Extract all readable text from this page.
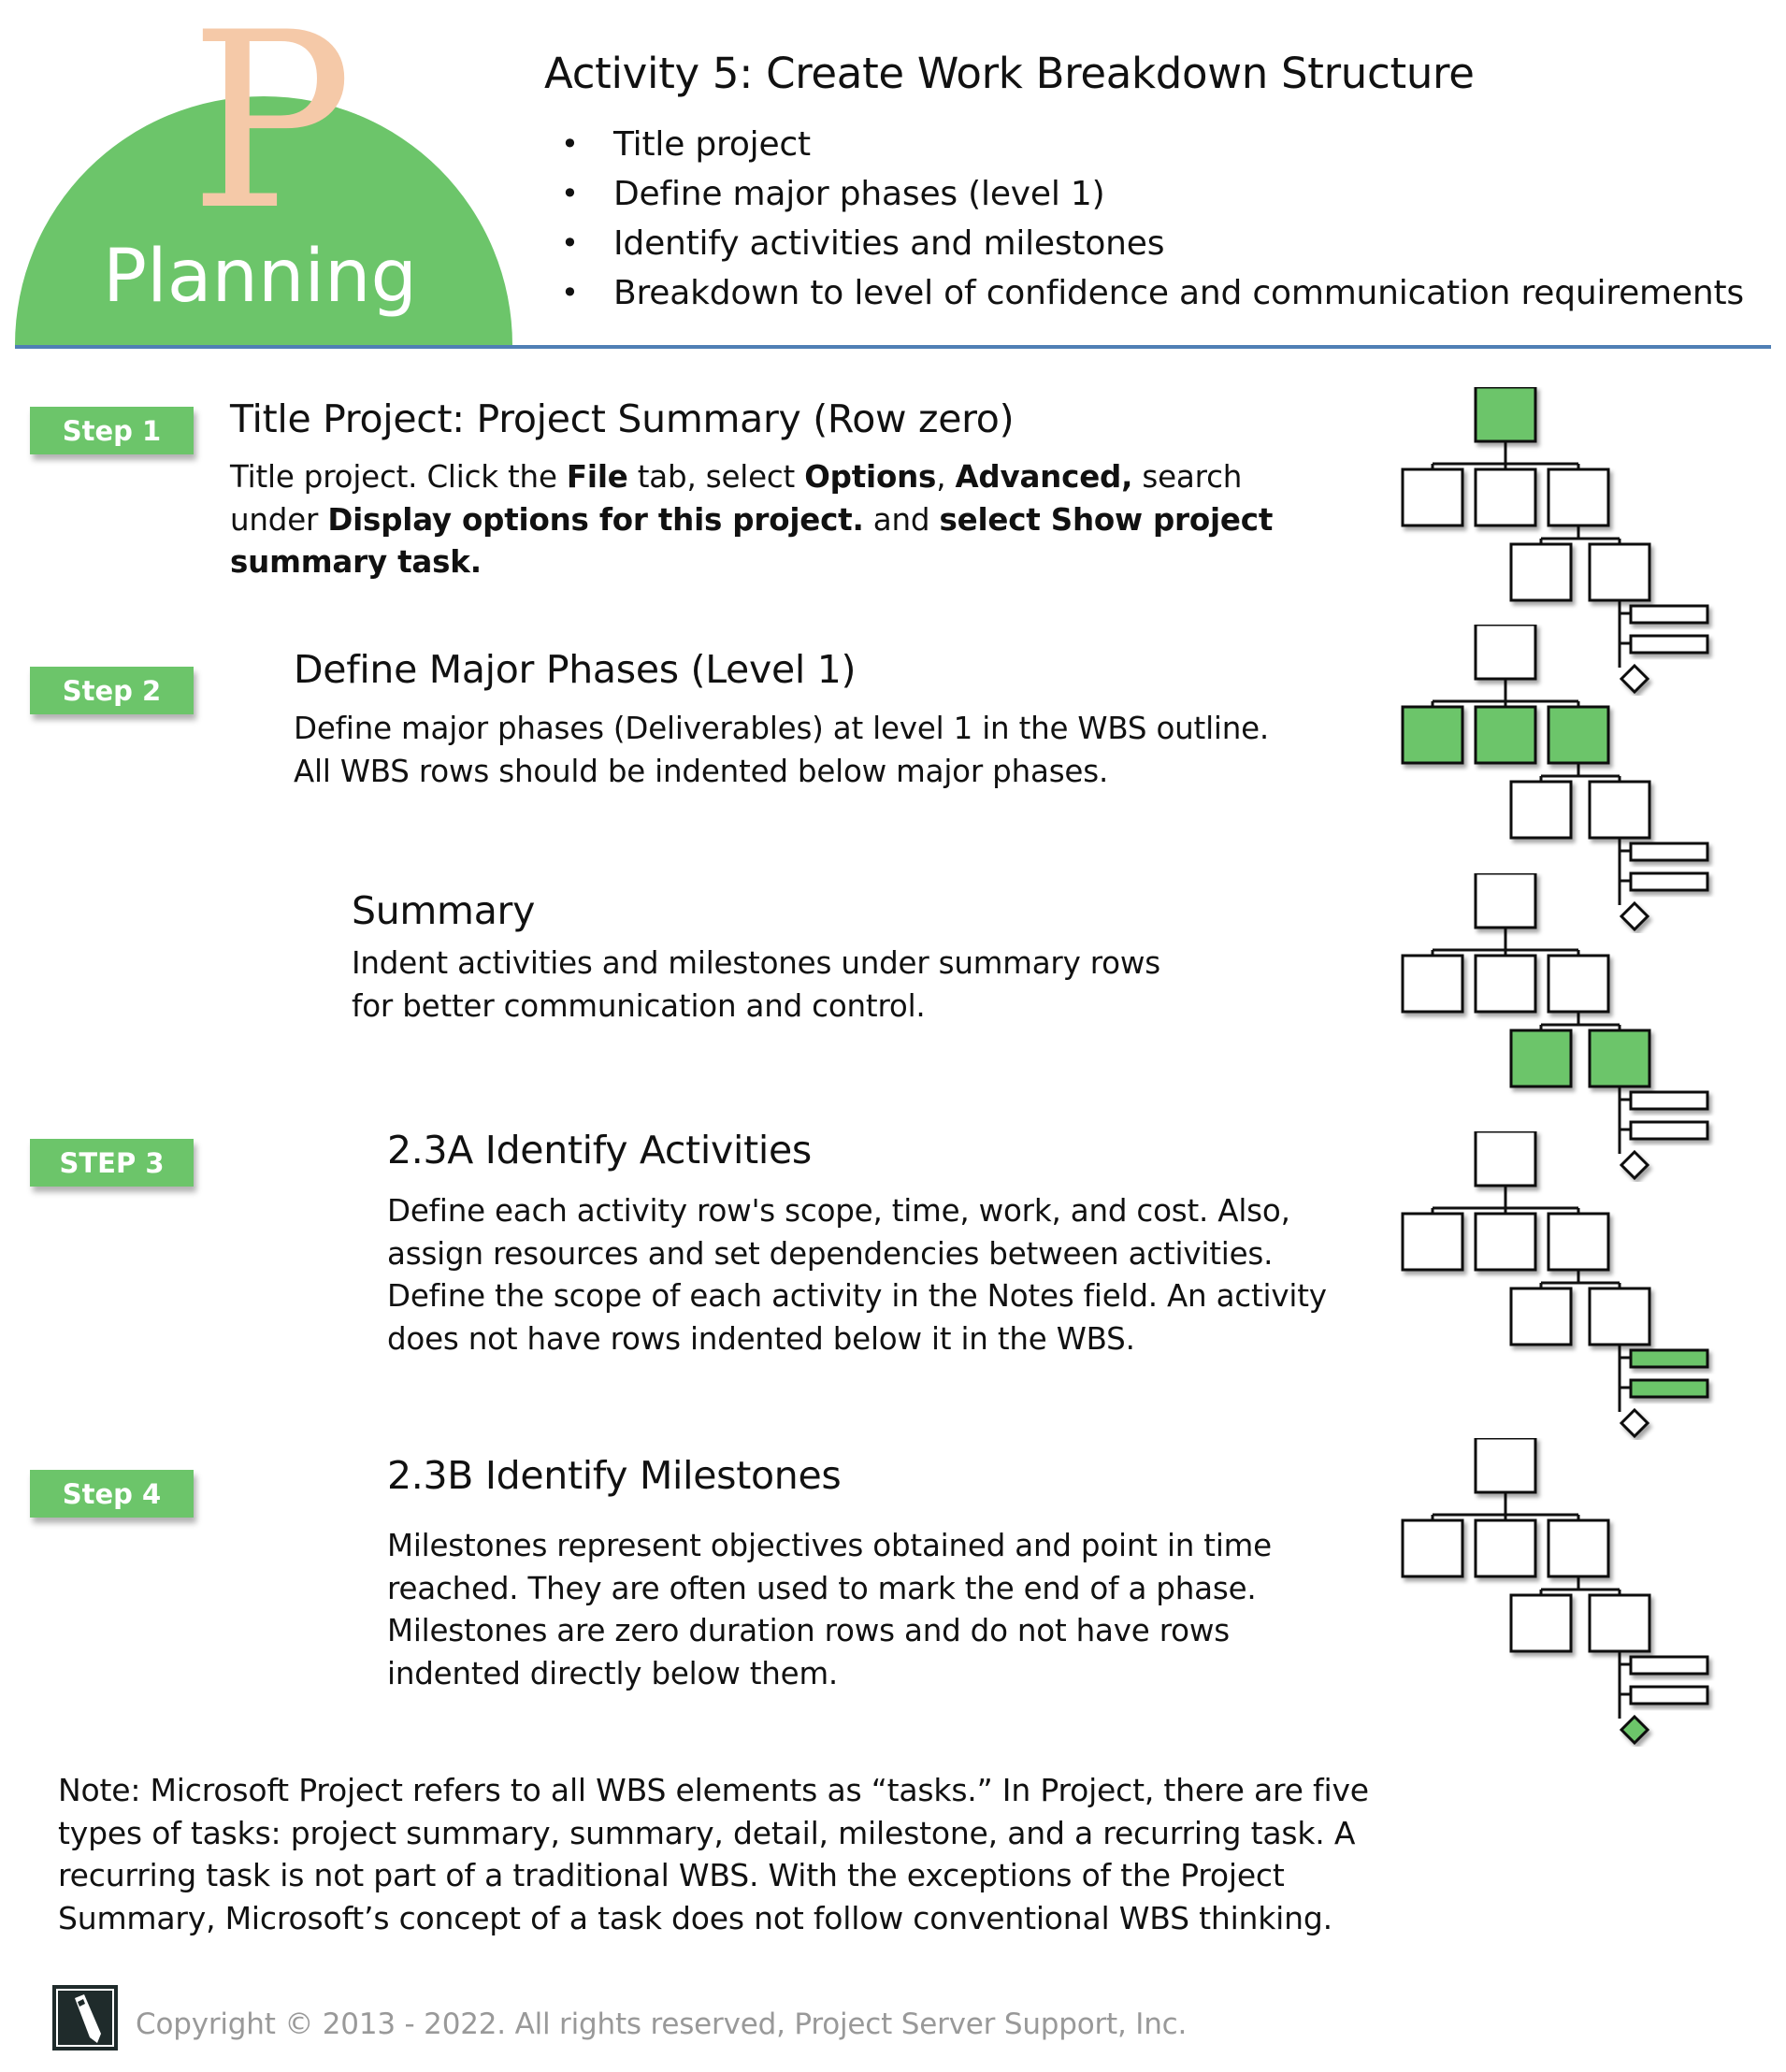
P
Planning
Activity 5: Create Work Breakdown Structure
• Title project
• Define major phases (level 1)
• Identify activities and milestones
• Breakdown to level of confidence and communication requirements
Step 1	Title Project: Project Summary (Row zero)
Title project. Click the File tab, select Options, Advanced, search under Display options for this project. and select Show project summary task.
Step 2	Define Major Phases (Level 1)
Define major phases (Deliverables) at level 1 in the WBS outline. All WBS rows should be indented below major phases.
Summary
Indent activities and milestones under summary rows for better communication and control.
STEP 3	2.3A Identify Activities
Define each activity row's scope, time, work, and cost. Also, assign resources and set dependencies between activities. Define the scope of each activity in the Notes field. An activity does not have rows indented below it in the WBS.
Step 4	2.3B Identify Milestones
Milestones represent objectives obtained and point in time reached. They are often used to mark the end of a phase. Milestones are zero duration rows and do not have rows indented directly below them.
Note: Microsoft Project refers to all WBS elements as “tasks.” In Project, there are five types of tasks: project summary, summary, detail, milestone, and a recurring task. A recurring task is not part of a traditional WBS. With the exceptions of the Project Summary, Microsoft’s concept of a task does not follow conventional WBS thinking.
Copyright © 2013 - 2022. All rights reserved, Project Server Support, Inc.
